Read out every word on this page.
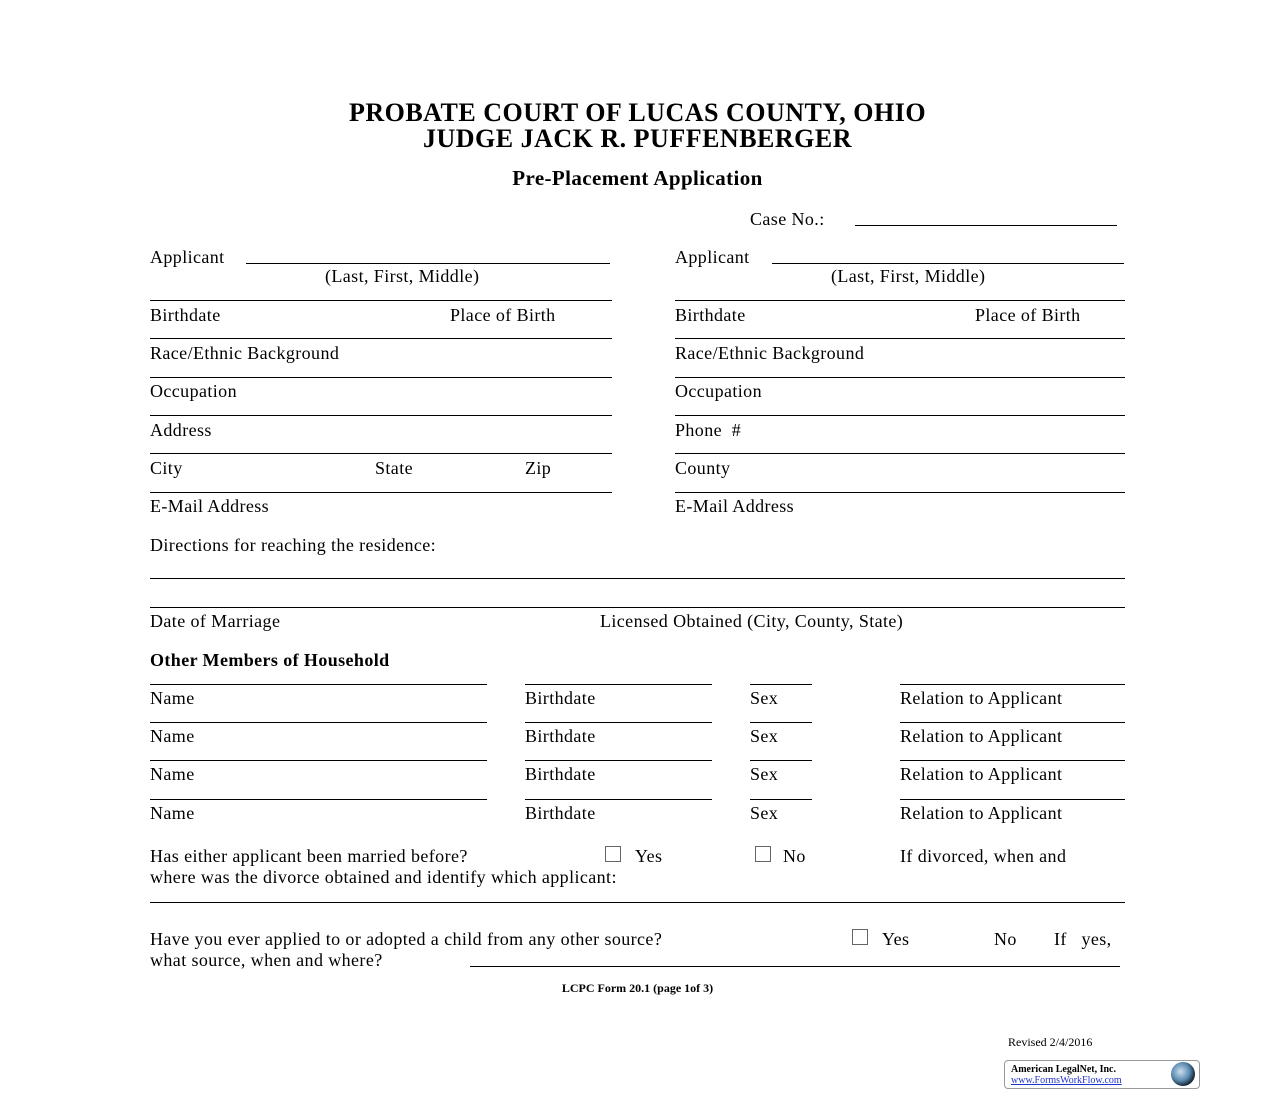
PROBATE COURT OF LUCAS COUNTY, OHIO
JUDGE JACK R. PUFFENBERGER
Pre-Placement Application
Case No.:
Applicant
(Last, First, Middle)
Birthdate	Place of Birth
Race/Ethnic Background
Occupation
Address
City	State	Zip
E-Mail Address
Applicant
(Last, First, Middle)
Birthdate	Place of Birth
Race/Ethnic Background
Occupation
Phone  #
County
E-Mail Address
Directions for reaching the residence:
Date of Marriage	Licensed Obtained (City, County, State)
Other Members of Household
Name	Birthdate	Sex	Relation to Applicant
Name	Birthdate	Sex	Relation to Applicant
Name	Birthdate	Sex	Relation to Applicant
Name	Birthdate	Sex	Relation to Applicant
Has either applicant been married before?	Yes	No	If divorced, when and
where was the divorce obtained and identify which applicant:
Have you ever applied to or adopted a child from any other source?	Yes	No If   yes,
what source, when and where?
LCPC Form 20.1 (page 1of 3)
Revised 2/4/2016
American LegalNet, Inc.
www.FormsWorkFlow.com
